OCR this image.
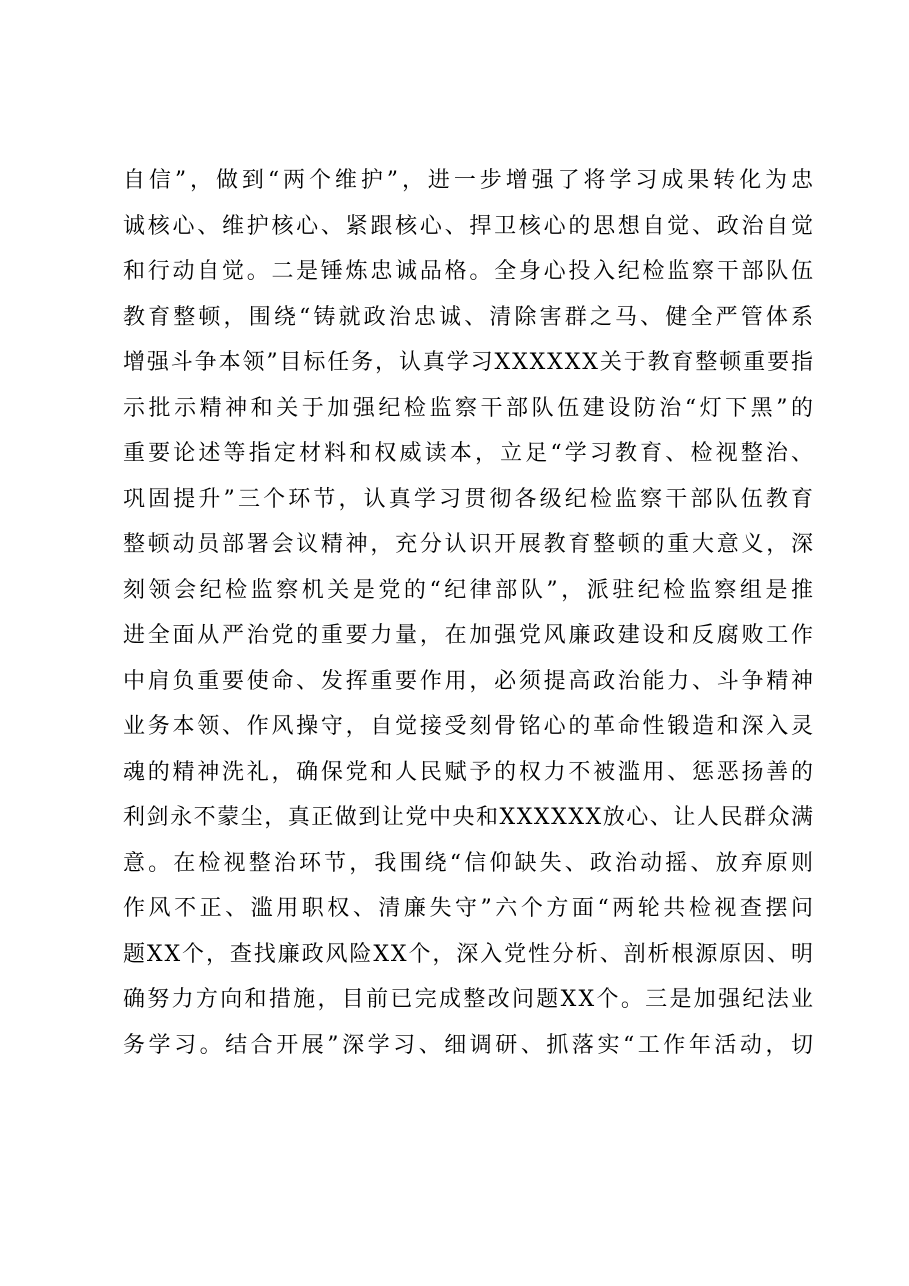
自信”，做到“两个维护”，进一步增强了将学习成果转化为忠
诚核心、维护核心、紧跟核心、捍卫核心的思想自觉、政治自觉
和行动自觉。二是锤炼忠诚品格。全身心投入纪检监察干部队伍
教育整顿，围绕“铸就政治忠诚、清除害群之马、健全严管体系
增强斗争本领”目标任务，认真学习XXXXXX关于教育整顿重要指
示批示精神和关于加强纪检监察干部队伍建设防治“灯下黑”的
重要论述等指定材料和权威读本，立足“学习教育、检视整治、
巩固提升”三个环节，认真学习贯彻各级纪检监察干部队伍教育
整顿动员部署会议精神，充分认识开展教育整顿的重大意义，深
刻领会纪检监察机关是党的“纪律部队”，派驻纪检监察组是推
进全面从严治党的重要力量，在加强党风廉政建设和反腐败工作
中肩负重要使命、发挥重要作用，必须提高政治能力、斗争精神
业务本领、作风操守，自觉接受刻骨铭心的革命性锻造和深入灵
魂的精神洗礼，确保党和人民赋予的权力不被滥用、惩恶扬善的
利剑永不蒙尘，真正做到让党中央和XXXXXX放心、让人民群众满
意。在检视整治环节，我围绕“信仰缺失、政治动摇、放弃原则
作风不正、滥用职权、清廉失守”六个方面“两轮共检视查摆问
题XX个，查找廉政风险XX个，深入党性分析、剖析根源原因、明
确努力方向和措施，目前已完成整改问题XX个。三是加强纪法业
务学习。结合开展”深学习、细调研、抓落实“工作年活动，切
